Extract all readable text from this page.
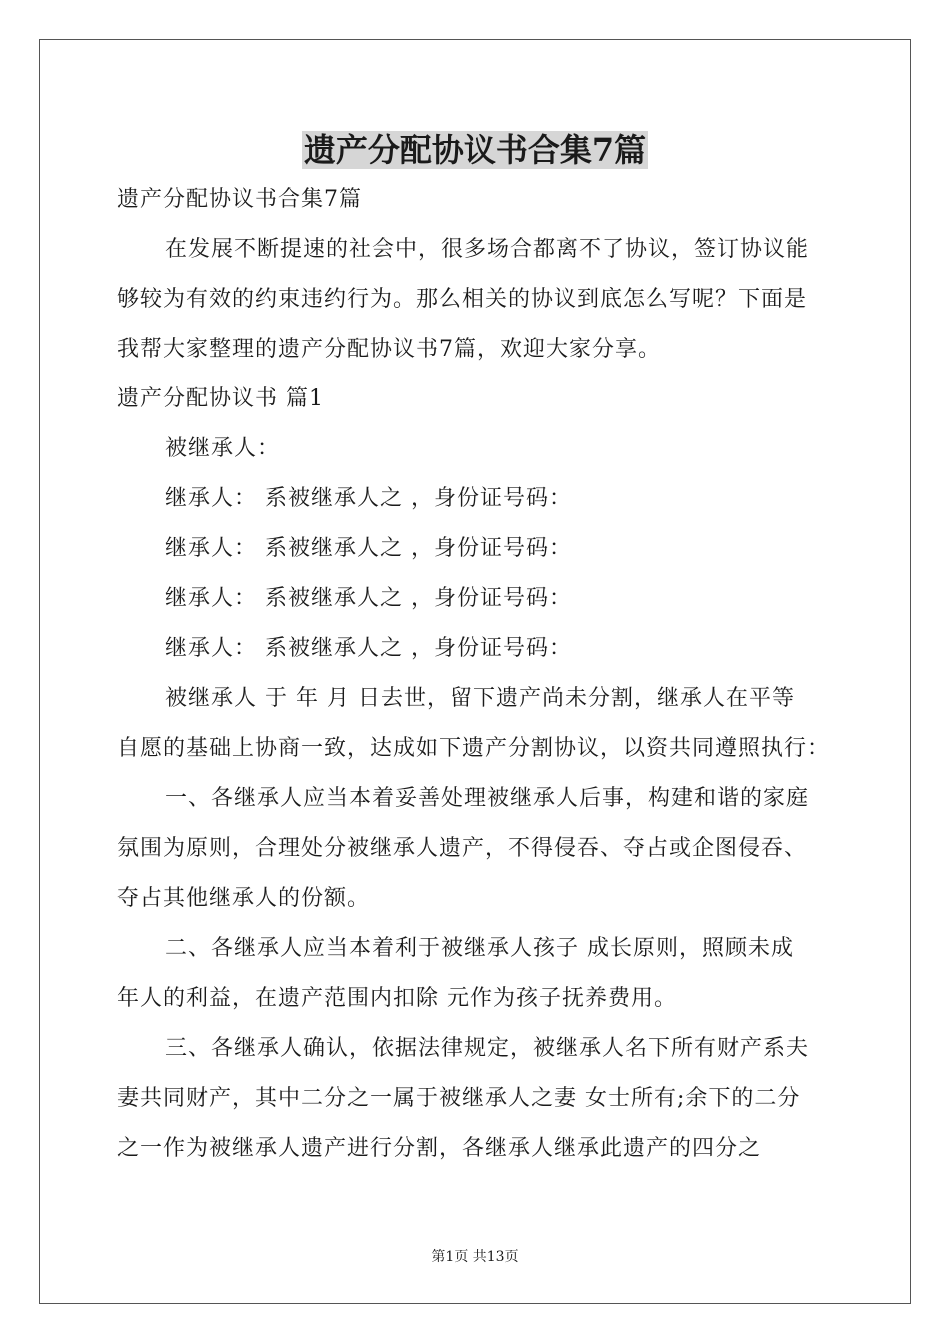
遗产分配协议书合集7篇
遗产分配协议书合集7篇
在发展不断提速的社会中，很多场合都离不了协议，签订协议能
够较为有效的约束违约行为。那么相关的协议到底怎么写呢？下面是
我帮大家整理的遗产分配协议书7篇，欢迎大家分享。
遗产分配协议书 篇1
被继承人：
继承人： 系被继承人之 ，身份证号码：
继承人： 系被继承人之 ，身份证号码：
继承人： 系被继承人之 ，身份证号码：
继承人： 系被继承人之 ，身份证号码：
被继承人 于 年 月 日去世，留下遗产尚未分割，继承人在平等
自愿的基础上协商一致，达成如下遗产分割协议，以资共同遵照执行：
一、各继承人应当本着妥善处理被继承人后事，构建和谐的家庭
氛围为原则，合理处分被继承人遗产，不得侵吞、夺占或企图侵吞、
夺占其他继承人的份额。
二、各继承人应当本着利于被继承人孩子 成长原则，照顾未成
年人的利益，在遗产范围内扣除 元作为孩子抚养费用。
三、各继承人确认，依据法律规定，被继承人名下所有财产系夫
妻共同财产，其中二分之一属于被继承人之妻 女士所有;余下的二分
之一作为被继承人遗产进行分割，各继承人继承此遗产的四分之
第1页 共13页
